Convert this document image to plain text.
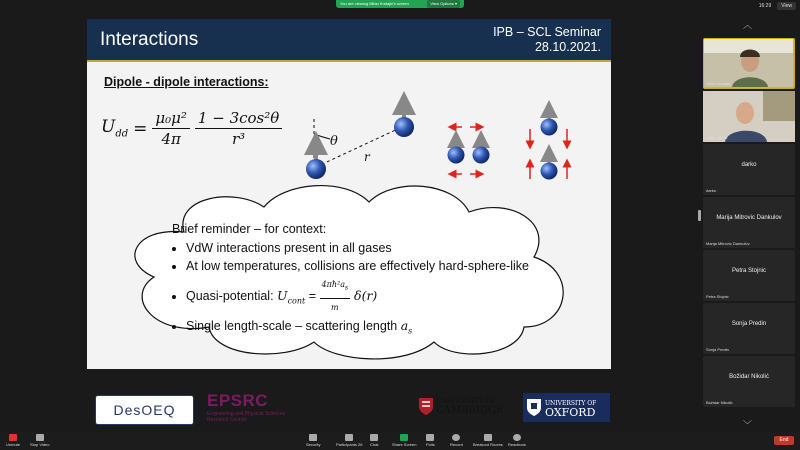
You are viewing Milan Krstajić's screen	View Options ▾	16:29	View
︿
Interactions	IPB – SCL Seminar
28.10.2021.
Dipole - dipole interactions:
$U_{dd} = \frac{\text{μ₀μ²}}{4\pi} \frac{\text{1 − 3cos²θ}}{\text{r³}}$	θ
r
Brief reminder – for context:
• VdW interactions present in all gases
• At low temperatures, collisions are effectively hard-sphere-like
• Quasi-potential: $U_{cont} = \frac{4\pi ħ^2a_s}{m} \delta(r)$
• Single length-scale – scattering length $a_s$
DesOEQ EPSRC
Engineering and Physical Sciences
Research Council
UNIVERSITY OF
CAMBRIDGE
UNIVERSITY OF
OXFORD
Milan Krstajić
Antun Balaž
darko
darko
Marija Mitrovic Dankulov
Marija Mitrovic Dankulov
Petra Stojnic
Petra Stojnic
Sonja Predin
Sonja Predin
Božidar Nikolić
Božidar Nikolić
﹀
Unmute Stop Video	Security	Participants 26 Chat	Share Screen Polls	Record	Breakout Rooms Reactions
End
